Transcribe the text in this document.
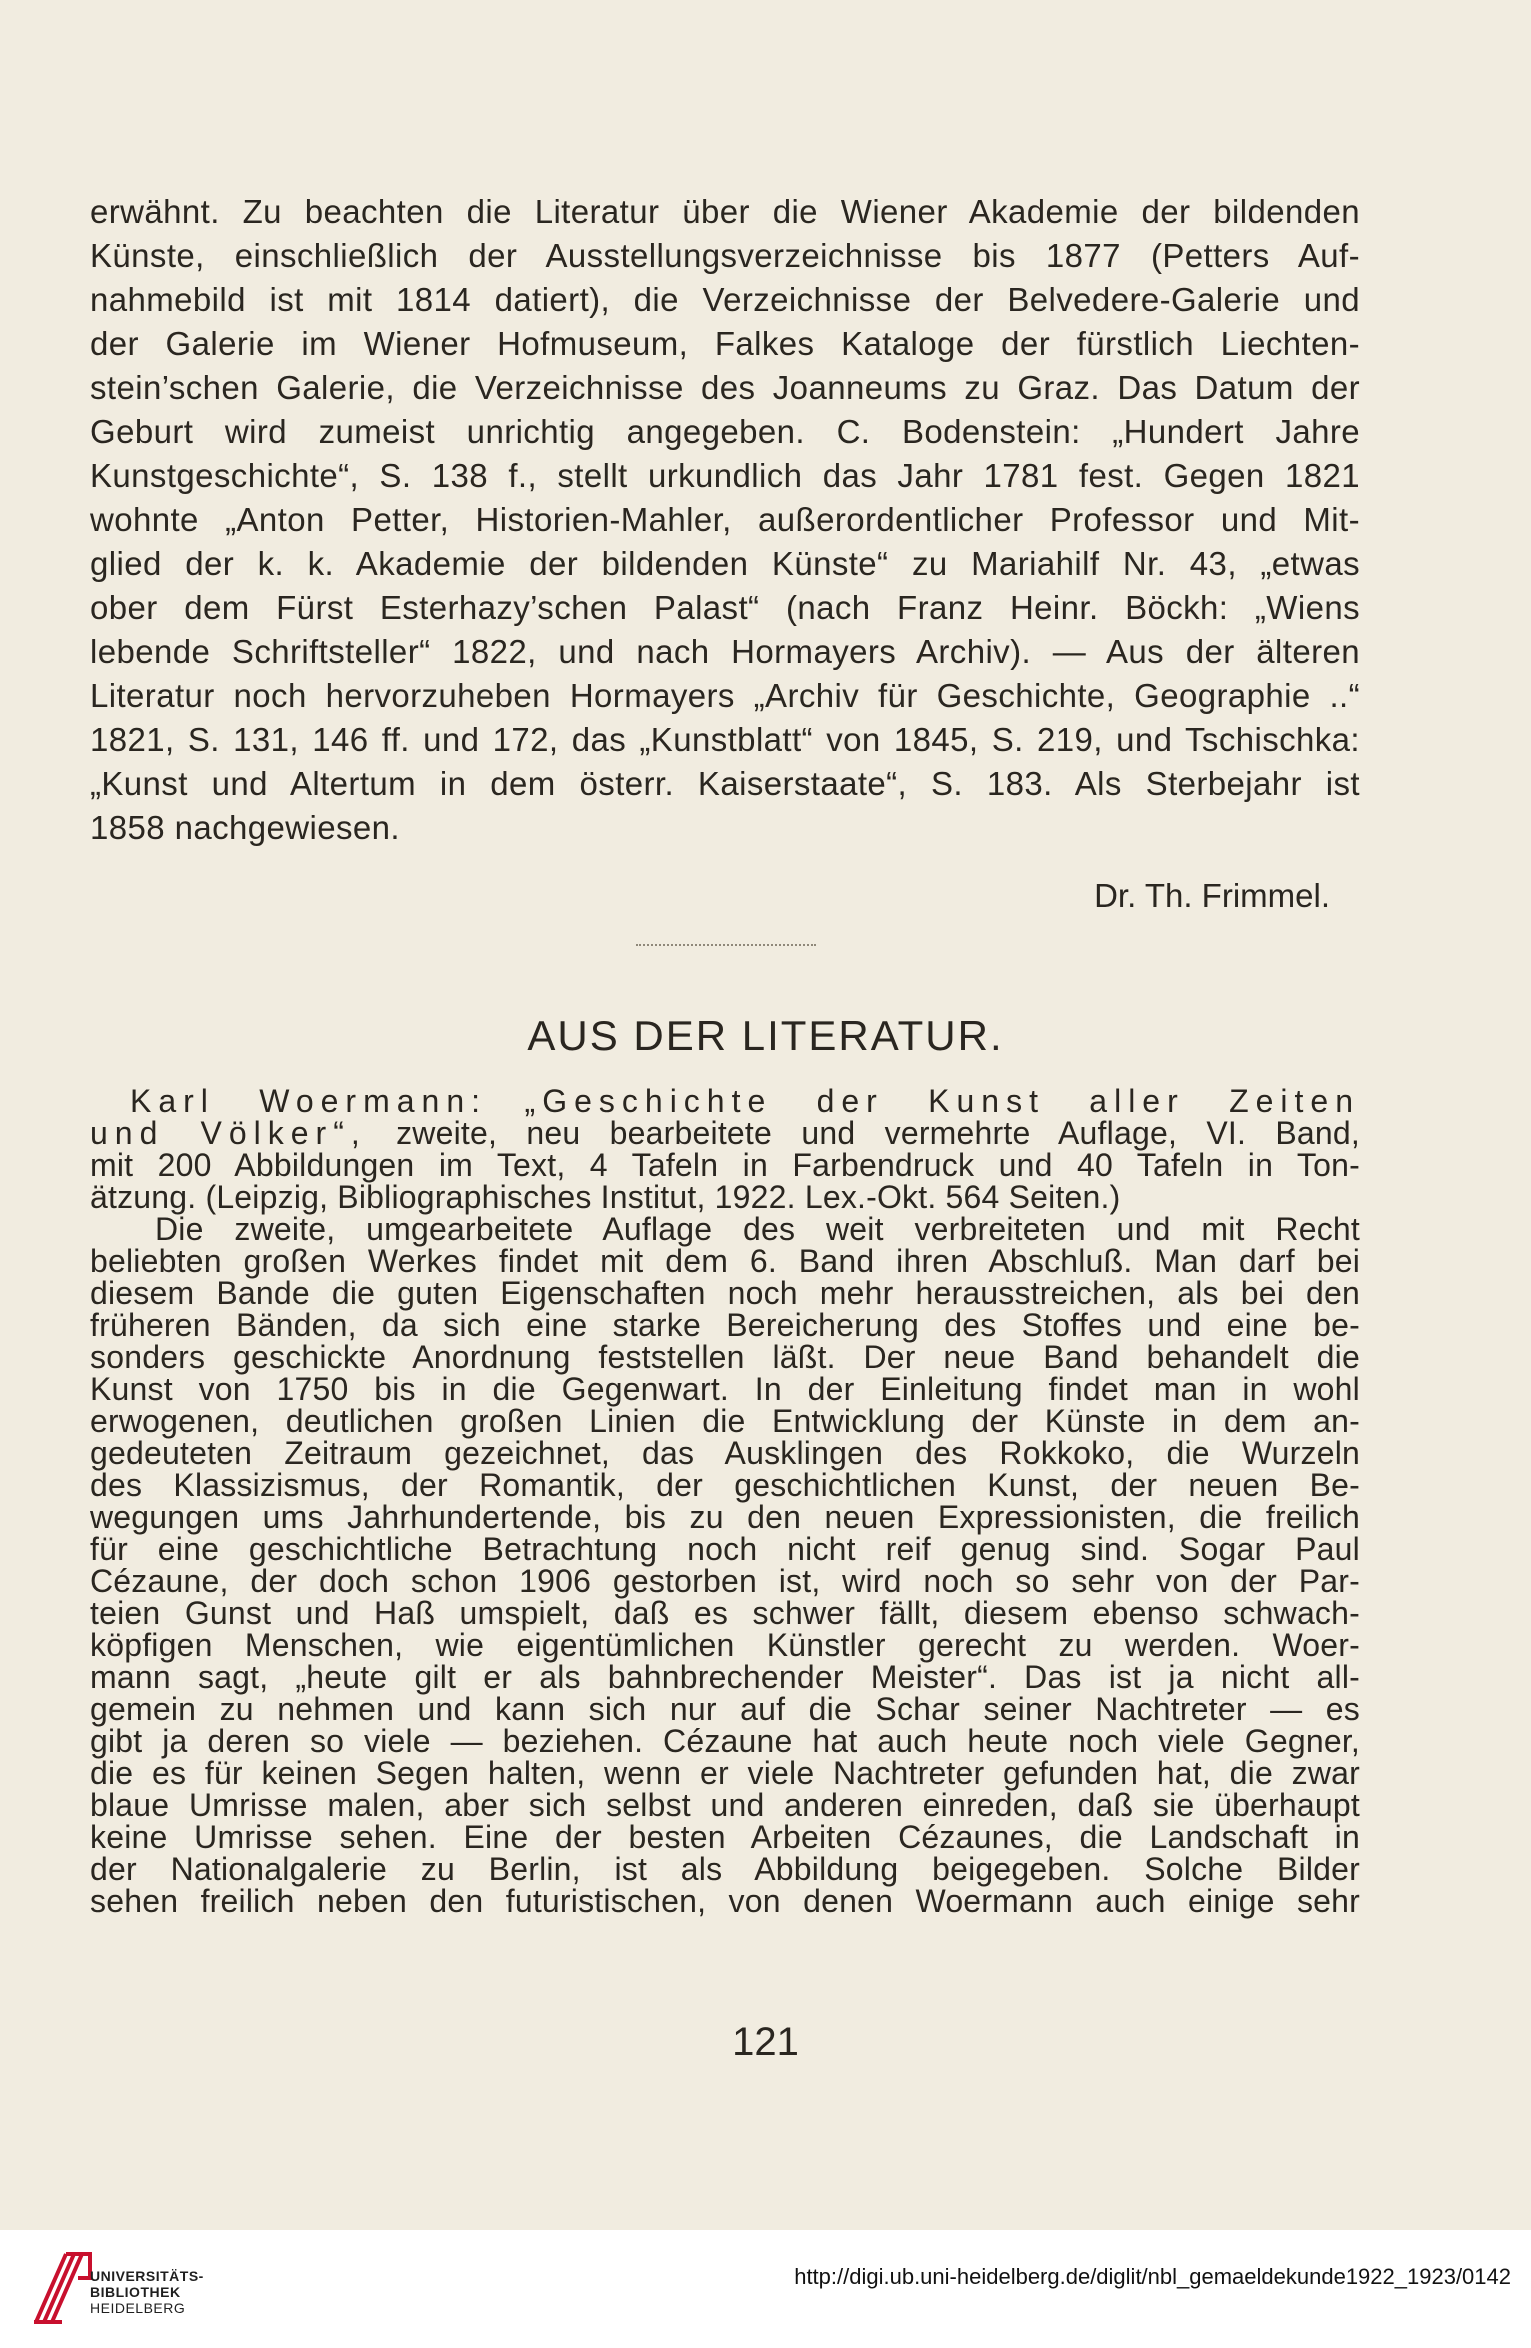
erwähnt. Zu beachten die Literatur über die Wiener Akademie der bildenden

Künste, einschließlich der Ausstellungsverzeichnisse bis 1877 (Petters Auf-

nahmebild ist mit 1814 datiert), die Verzeichnisse der Belvedere-Galerie und

der Galerie im Wiener Hofmuseum, Falkes Kataloge der fürstlich Liechten-

stein’schen Galerie, die Verzeichnisse des Joanneums zu Graz. Das Datum der

Geburt wird zumeist unrichtig angegeben. C. Bodenstein: „Hundert Jahre

Kunstgeschichte“, S. 138 f., stellt urkundlich das Jahr 1781 fest. Gegen 1821

wohnte „Anton Petter, Historien-Mahler, außerordentlicher Professor und Mit-

glied der k. k. Akademie der bildenden Künste“ zu Mariahilf Nr. 43, „etwas

ober dem Fürst Esterhazy’schen Palast“ (nach Franz Heinr. Böckh: „Wiens

lebende Schriftsteller“ 1822, und nach Hormayers Archiv). — Aus der älteren

Literatur noch hervorzuheben Hormayers „Archiv für Geschichte, Geographie ..“

1821, S. 131, 146 ff. und 172, das „Kunstblatt“ von 1845, S. 219, und Tschischka:

„Kunst und Altertum in dem österr. Kaiserstaate“, S. 183. Als Sterbejahr ist

1858 nachgewiesen.

Dr. Th. Frimmel.

AUS DER LITERATUR.

Karl Woermann: „Geschichte der Kunst aller Zeiten

und Völker“, zweite, neu bearbeitete und vermehrte Auflage, VI. Band,

mit 200 Abbildungen im Text, 4 Tafeln in Farbendruck und 40 Tafeln in Ton-

ätzung. (Leipzig, Bibliographisches Institut, 1922. Lex.-Okt. 564 Seiten.)

Die zweite, umgearbeitete Auflage des weit verbreiteten und mit Recht

beliebten großen Werkes findet mit dem 6. Band ihren Abschluß. Man darf bei

diesem Bande die guten Eigenschaften noch mehr herausstreichen, als bei den

früheren Bänden, da sich eine starke Bereicherung des Stoffes und eine be-

sonders geschickte Anordnung feststellen läßt. Der neue Band behandelt die

Kunst von 1750 bis in die Gegenwart. In der Einleitung findet man in wohl

erwogenen, deutlichen großen Linien die Entwicklung der Künste in dem an-

gedeuteten Zeitraum gezeichnet, das Ausklingen des Rokkoko, die Wurzeln

des Klassizismus, der Romantik, der geschichtlichen Kunst, der neuen Be-

wegungen ums Jahrhundertende, bis zu den neuen Expressionisten, die freilich

für eine geschichtliche Betrachtung noch nicht reif genug sind. Sogar Paul

Cézaune, der doch schon 1906 gestorben ist, wird noch so sehr von der Par-

teien Gunst und Haß umspielt, daß es schwer fällt, diesem ebenso schwach-

köpfigen Menschen, wie eigentümlichen Künstler gerecht zu werden. Woer-

mann sagt, „heute gilt er als bahnbrechender Meister“. Das ist ja nicht all-

gemein zu nehmen und kann sich nur auf die Schar seiner Nachtreter — es

gibt ja deren so viele — beziehen. Cézaune hat auch heute noch viele Gegner,

die es für keinen Segen halten, wenn er viele Nachtreter gefunden hat, die zwar

blaue Umrisse malen, aber sich selbst und anderen einreden, daß sie überhaupt

keine Umrisse sehen. Eine der besten Arbeiten Cézaunes, die Landschaft in

der Nationalgalerie zu Berlin, ist als Abbildung beigegeben. Solche Bilder

sehen freilich neben den futuristischen, von denen Woermann auch einige sehr

121

UNIVERSITÄTS-
BIBLIOTHEK
HEIDELBERG
http://digi.ub.uni-heidelberg.de/diglit/nbl_gemaeldekunde1922_1923/0142
